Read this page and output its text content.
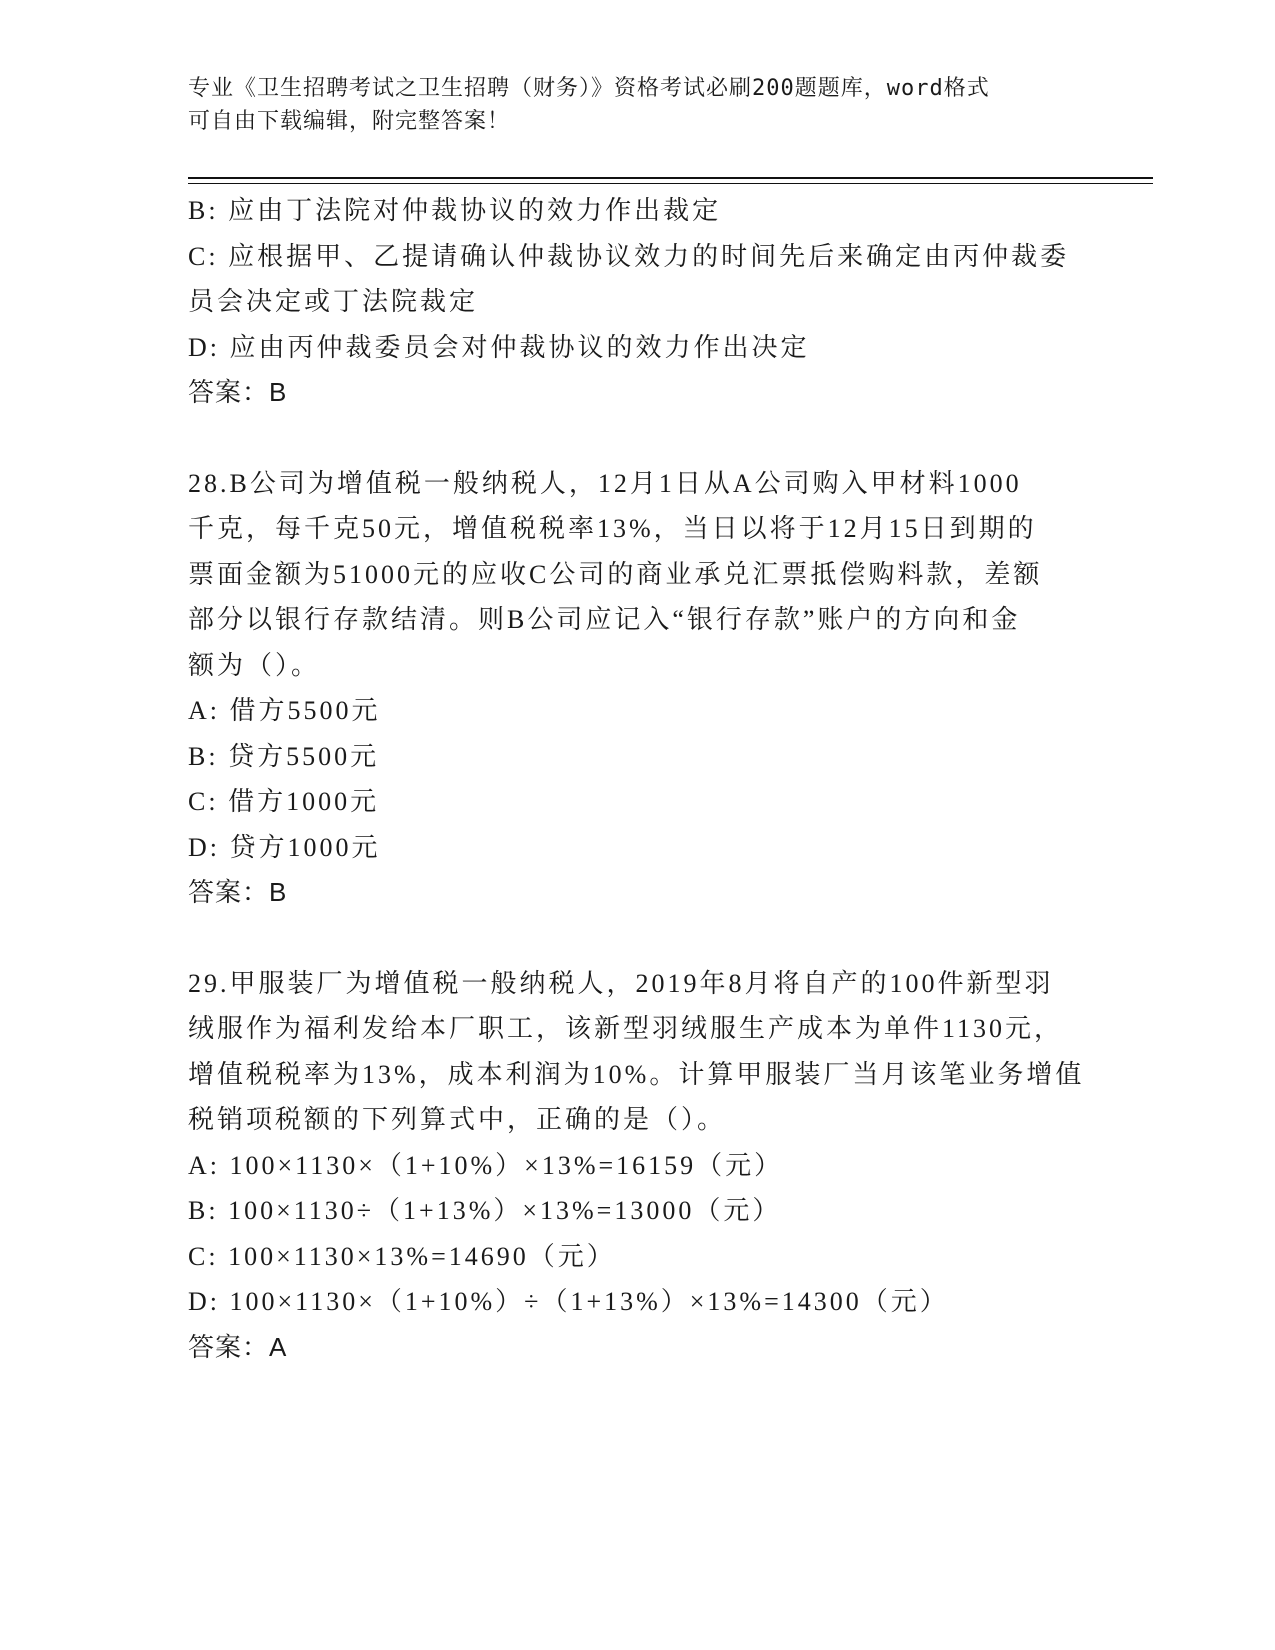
专业《卫生招聘考试之卫生招聘（财务）》资格考试必刷200题题库，word格式
可自由下载编辑，附完整答案！
B: 应由丁法院对仲裁协议的效力作出裁定
C: 应根据甲、乙提请确认仲裁协议效力的时间先后来确定由丙仲裁委
员会决定或丁法院裁定
D: 应由丙仲裁委员会对仲裁协议的效力作出决定
答案：B
28.B公司为增值税一般纳税人，12月1日从A公司购入甲材料1000
千克，每千克50元，增值税税率13%，当日以将于12月15日到期的
票面金额为51000元的应收C公司的商业承兑汇票抵偿购料款，差额
部分以银行存款结清。则B公司应记入“银行存款”账户的方向和金
额为（）。
A: 借方5500元
B: 贷方5500元
C: 借方1000元
D: 贷方1000元
答案：B
29.甲服装厂为增值税一般纳税人，2019年8月将自产的100件新型羽
绒服作为福利发给本厂职工，该新型羽绒服生产成本为单件1130元，
增值税税率为13%，成本利润为10%。计算甲服装厂当月该笔业务增值
税销项税额的下列算式中，正确的是（）。
A: 100×1130×（1+10%）×13%=16159（元）
B: 100×1130÷（1+13%）×13%=13000（元）
C: 100×1130×13%=14690（元）
D: 100×1130×（1+10%）÷（1+13%）×13%=14300（元）
答案：A
